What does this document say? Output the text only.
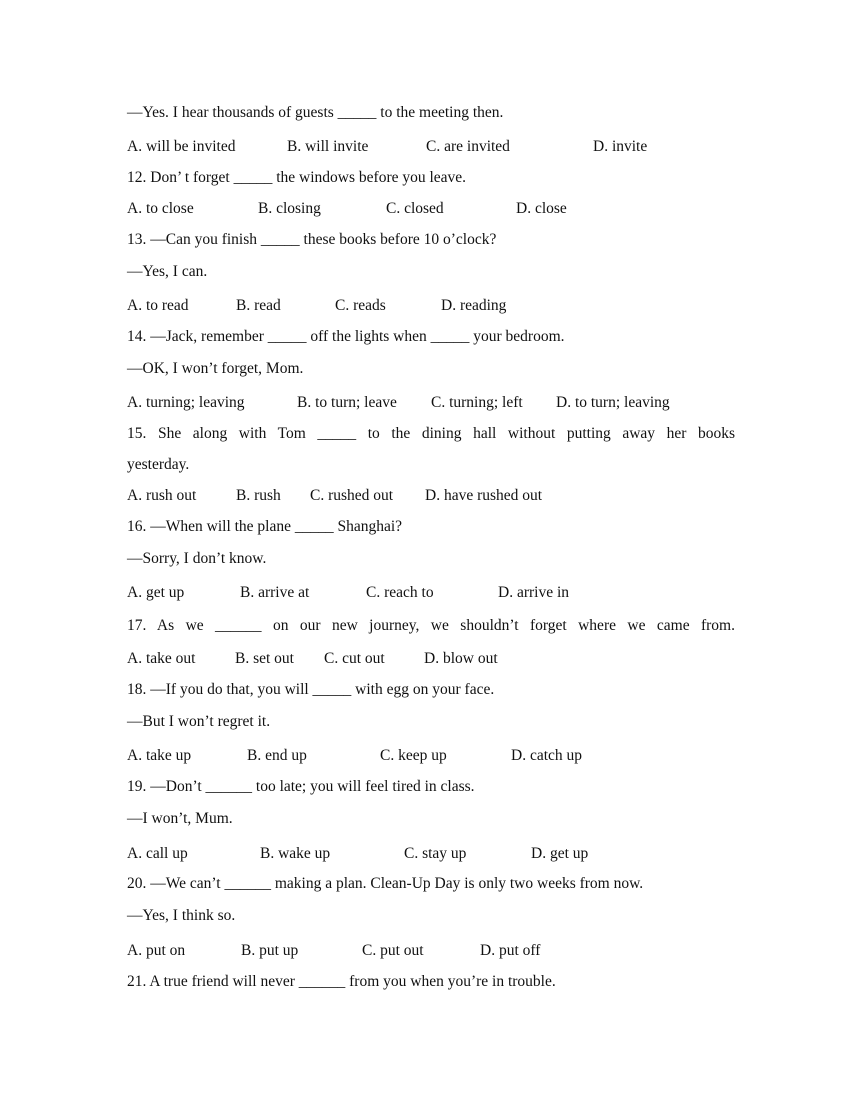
—Yes. I hear thousands of guests _____ to the meeting then.
A. will be invited	B. will invite	C. are invited	D. invite
12. Don’ t forget _____ the windows before you leave.
A. to close	B. closing	C. closed	D. close
13. —Can you finish _____ these books before 10 o’clock?
—Yes, I can.
A. to read	B. read	C. reads	D. reading
14. —Jack, remember _____ off the lights when _____ your bedroom.
—OK, I won’t forget, Mom.
A. turning; leaving	B. to turn; leave C. turning; left D. to turn; leaving
15. She along with Tom _____ to the dining hall without putting away her books
yesterday.
A. rush out	B. rush C. rushed out D. have rushed out
16. —When will the plane _____ Shanghai?
—Sorry, I don’t know.
A. get up	B. arrive at	C. reach to	D. arrive in
17. As we ______ on our new journey, we shouldn’t forget where we came from.
A. take out	B. set out C. cut out	D. blow out
18. —If you do that, you will _____ with egg on your face.
—But I won’t regret it.
A. take up	B. end up	C. keep up	D. catch up
19. —Don’t ______ too late; you will feel tired in class.
—I won’t, Mum.
A. call up	B. wake up	C. stay up	D. get up
20. —We can’t ______ making a plan. Clean-Up Day is only two weeks from now.
—Yes, I think so.
A. put on	B. put up	C. put out	D. put off
21. A true friend will never ______ from you when you’re in trouble.
